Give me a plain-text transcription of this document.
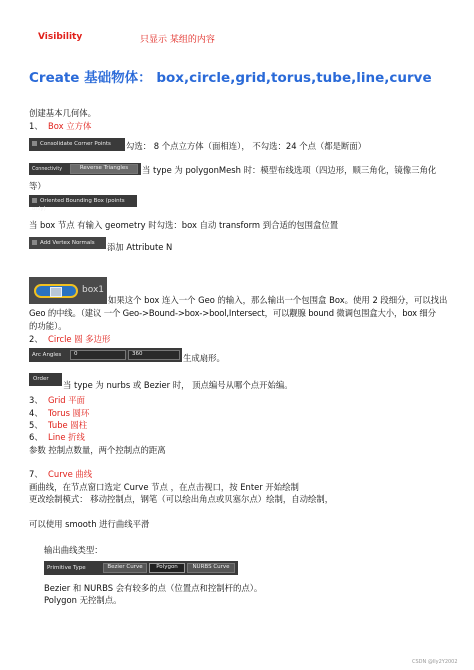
Visibility	只显示 某组的内容
Create 基础物体： box,circle,grid,torus,tube,line,curve
创建基本几何体。
1、 Box 立方体
Consolidate Corner Points	勾选： 8 个点立方体（面相连）， 不勾选：24 个点（都是断面）
Connectivity	Reverse Triangles	当 type 为 polygonMesh 时：模型布线选项（四边形，顺三角化，镜像三角化
等）
Oriented Bounding Box (points only)
当 box 节点 有输入 geometry 时勾选：box 自动 transform 到合适的包围盒位置
Add Vertex Normals	添加 Attribute N
box1
如果这个 box 连入一个 Geo 的输入，那么输出一个包围盒 Box。使用 2 段细分，可以找出
Geo 的中线。（建议 一个 Geo->Bound->box->bool,Intersect，可以觏腺 bound 微调包围盒大小，box 细分
的功能）。
2、 Circle 圆 多边形
Arc Angles	0	360	生成扇形。
Order
当 type 为 nurbs 或 Bezier 时， 顶点编号从哪个点开始编。
3、 Grid 平面
4、 Torus 圆环
5、 Tube 圆柱
6、 Line 折线
参数 控制点数量，两个控制点的距离
7、 Curve 曲线
画曲线，在节点窗口选定 Curve 节点 ，在点击视口，按 Enter 开始绘制
更改绘制模式： 移动控制点，钢笔（可以绘出角点或贝塞尔点）绘制，自动绘制，
可以使用 smooth 进行曲线平滑
输出曲线类型：
Primitive Type	Bezier Curve	Polygon	NURBS Curve
Bezier 和 NURBS 会有较多的点（位置点和控制杆的点）。
Polygon 无控制点。
CSDN @lly2Y2002
